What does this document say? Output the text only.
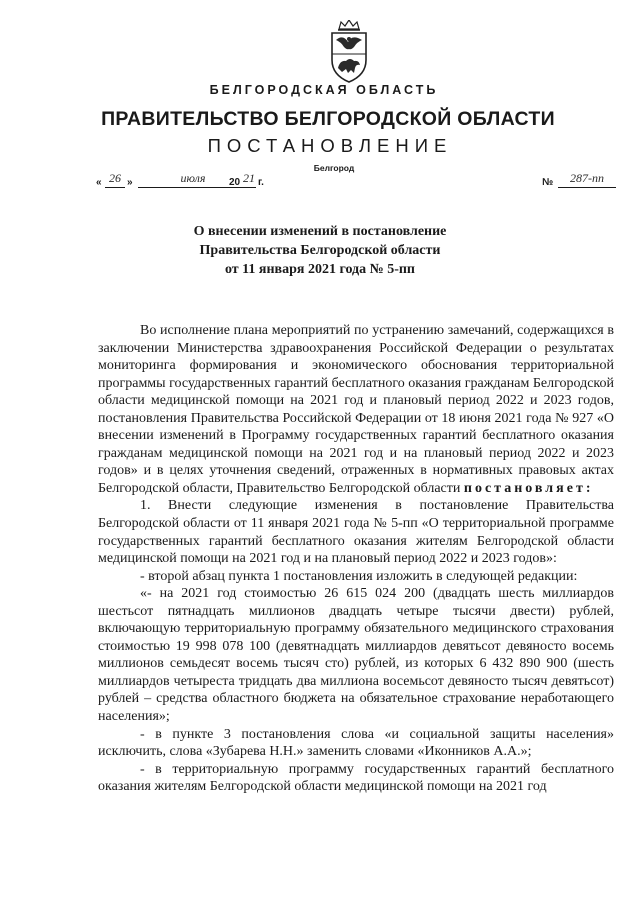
БЕЛГОРОДСКАЯ ОБЛАСТЬ
ПРАВИТЕЛЬСТВО БЕЛГОРОДСКОЙ ОБЛАСТИ
ПОСТАНОВЛЕНИЕ
Белгород
« 26 »	июля	20 21 г.	№	287-пп
О внесении изменений в постановление
Правительства Белгородской области
от 11 января 2021 года № 5-пп

Во исполнение плана мероприятий по устранению замечаний, содержащихся в заключении Министерства здравоохранения Российской Федерации о результатах мониторинга формирования и экономического обоснования территориальной программы государственных гарантий бесплатного оказания гражданам Белгородской области медицинской помощи на 2021 год и плановый период 2022 и 2023 годов, постановления Правительства Российской Федерации от 18 июня 2021 года № 927 «О внесении изменений в Программу государственных гарантий бесплатного оказания гражданам медицинской помощи на 2021 год и на плановый период 2022 и 2023 годов» и в целях уточнения сведений, отраженных в нормативных правовых актах Белгородской области, Правительство Белгородской области постановляет:

1. Внести следующие изменения в постановление Правительства Белгородской области от 11 января 2021 года № 5-пп «О территориальной программе государственных гарантий бесплатного оказания жителям Белгородской области медицинской помощи на 2021 год и на плановый период 2022 и 2023 годов»:

- второй абзац пункта 1 постановления изложить в следующей редакции:

«- на 2021 год стоимостью 26 615 024 200 (двадцать шесть миллиардов шестьсот пятнадцать миллионов двадцать четыре тысячи двести) рублей, включающую территориальную программу обязательного медицинского страхования стоимостью 19 998 078 100 (девятнадцать миллиардов девятьсот девяносто восемь миллионов семьдесят восемь тысяч сто) рублей, из которых 6 432 890 900 (шесть миллиардов четыреста тридцать два миллиона восемьсот девяносто тысяч девятьсот) рублей – средства областного бюджета на обязательное страхование неработающего населения»;

- в пункте 3 постановления слова «и социальной защиты населения» исключить, слова «Зубарева Н.Н.» заменить словами «Иконников А.А.»;

- в территориальную программу государственных гарантий бесплатного оказания жителям Белгородской области медицинской помощи на 2021 год
